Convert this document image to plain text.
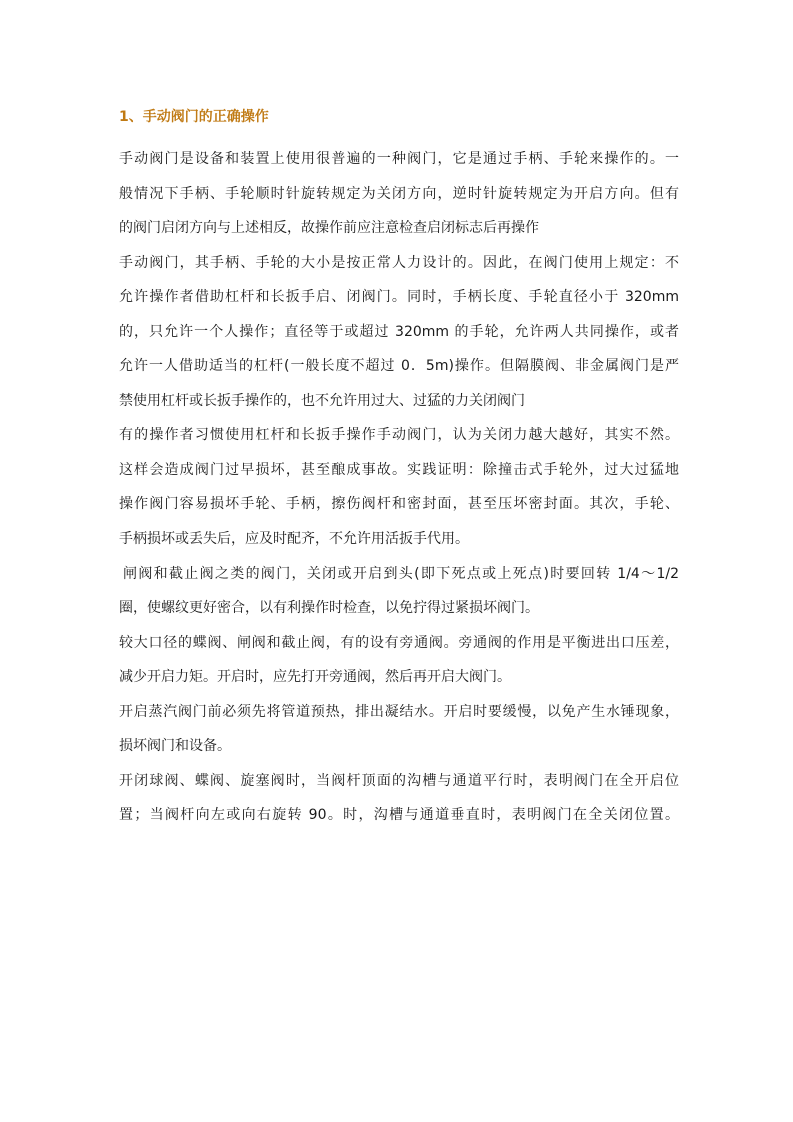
1、手动阀门的正确操作
手动阀门是设备和装置上使用很普遍的一种阀门，它是通过手柄、手轮来操作的。一
般情况下手柄、手轮顺时针旋转规定为关闭方向，逆时针旋转规定为开启方向。但有
的阀门启闭方向与上述相反，故操作前应注意检查启闭标志后再操作
手动阀门，其手柄、手轮的大小是按正常人力设计的。因此，在阀门使用上规定：不
允许操作者借助杠杆和长扳手启、闭阀门。同时，手柄长度、手轮直径小于 320mm
的，只允许一个人操作；直径等于或超过 320mm 的手轮，允许两人共同操作，或者
允许一人借助适当的杠杆(一般长度不超过 0．5m)操作。但隔膜阀、非金属阀门是严
禁使用杠杆或长扳手操作的，也不允许用过大、过猛的力关闭阀门
有的操作者习惯使用杠杆和长扳手操作手动阀门，认为关闭力越大越好，其实不然。
这样会造成阀门过早损坏，甚至酿成事故。实践证明：除撞击式手轮外，过大过猛地
操作阀门容易损坏手轮、手柄，擦伤阀杆和密封面，甚至压坏密封面。其次，手轮、
手柄损坏或丢失后，应及时配齐，不允许用活扳手代用。
闸阀和截止阀之类的阀门，关闭或开启到头(即下死点或上死点)时要回转 1/4～1/2
圈，使螺纹更好密合，以有利操作时检查，以免拧得过紧损坏阀门。
较大口径的蝶阀、闸阀和截止阀，有的设有旁通阀。旁通阀的作用是平衡进出口压差，
减少开启力矩。开启时，应先打开旁通阀，然后再开启大阀门。
开启蒸汽阀门前必须先将管道预热，排出凝结水。开启时要缓慢，以免产生水锤现象，
损坏阀门和设备。
开闭球阀、蝶阀、旋塞阀时，当阀杆顶面的沟槽与通道平行时，表明阀门在全开启位
置；当阀杆向左或向右旋转 90。时，沟槽与通道垂直时，表明阀门在全关闭位置。
